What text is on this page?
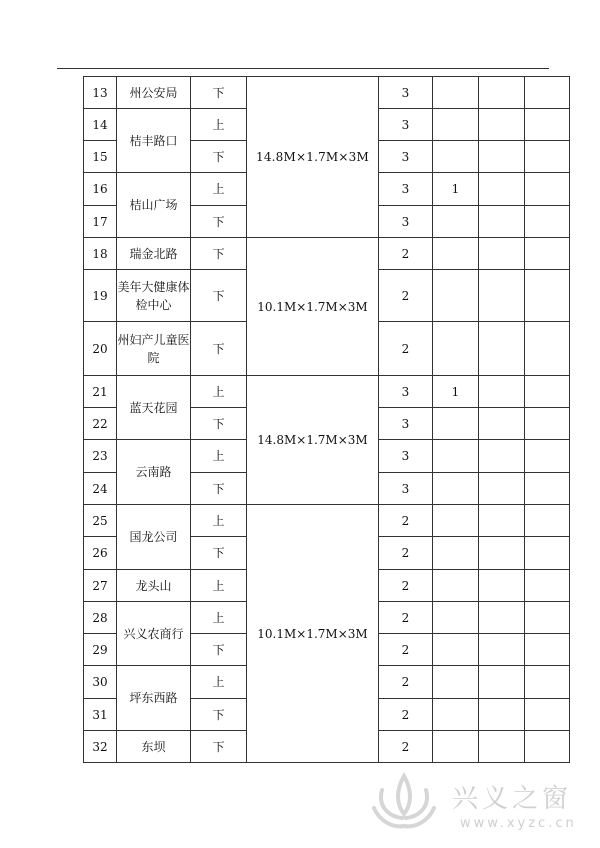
13	州公安局	下	14.8M×1.7M×3M	3				
14	桔丰路口	上		3				
15		下		3				
16	桔山广场	上		3	1			
17		下		3				
18	瑞金北路	下	10.1M×1.7M×3M	2				
19	美年大健康体检中心	下		2				
20	州妇产儿童医院	下		2				
21	蓝天花园	上	14.8M×1.7M×3M	3	1			
22		下		3				
23	云南路	上		3				
24		下		3				
25	国龙公司	上	10.1M×1.7M×3M	2				
26		下		2				
27	龙头山	上		2				
28	兴义农商行	上		2				
29		下		2				
30	坪东西路	上		2				
31		下		2				
32	东坝	下		2				
兴义之窗
www.xyzc.cn
